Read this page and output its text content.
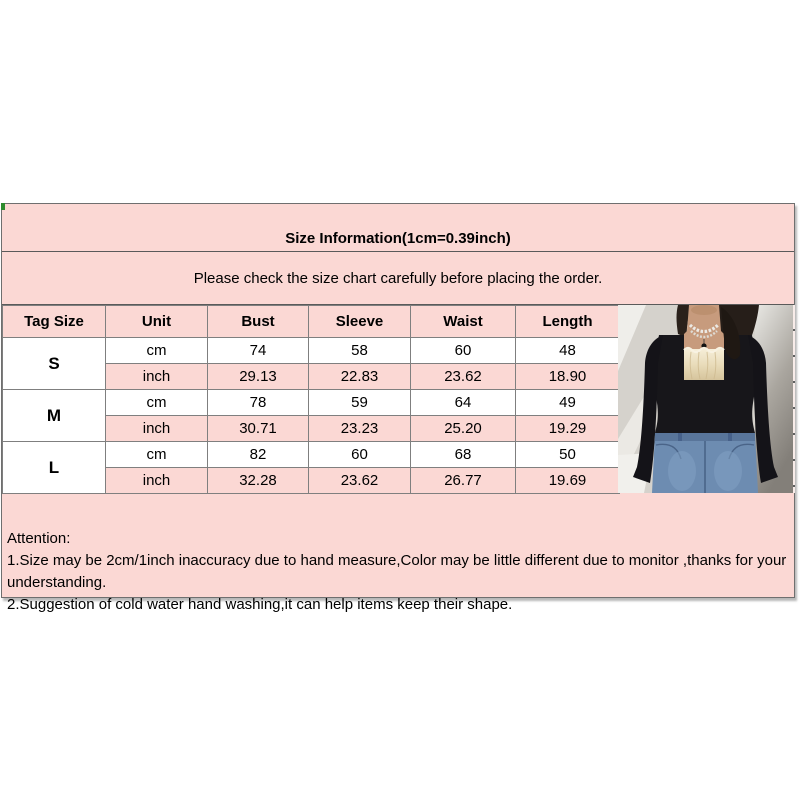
Size Information(1cm=0.39inch)
Please check the size chart carefully before placing the order.
Tag Size	Unit	Bust	Sleeve	Waist	Length
S	cm	74	58	60	48
	inch	29.13	22.83	23.62	18.90
M	cm	78	59	64	49
	inch	30.71	23.23	25.20	19.29
L	cm	82	60	68	50
	inch	32.28	23.62	26.77	19.69
Attention:
1.Size may be 2cm/1inch inaccuracy due to hand measure,Color may be little different due to monitor ,thanks for your understanding.
2.Suggestion of cold water hand washing,it can help items keep their shape.
